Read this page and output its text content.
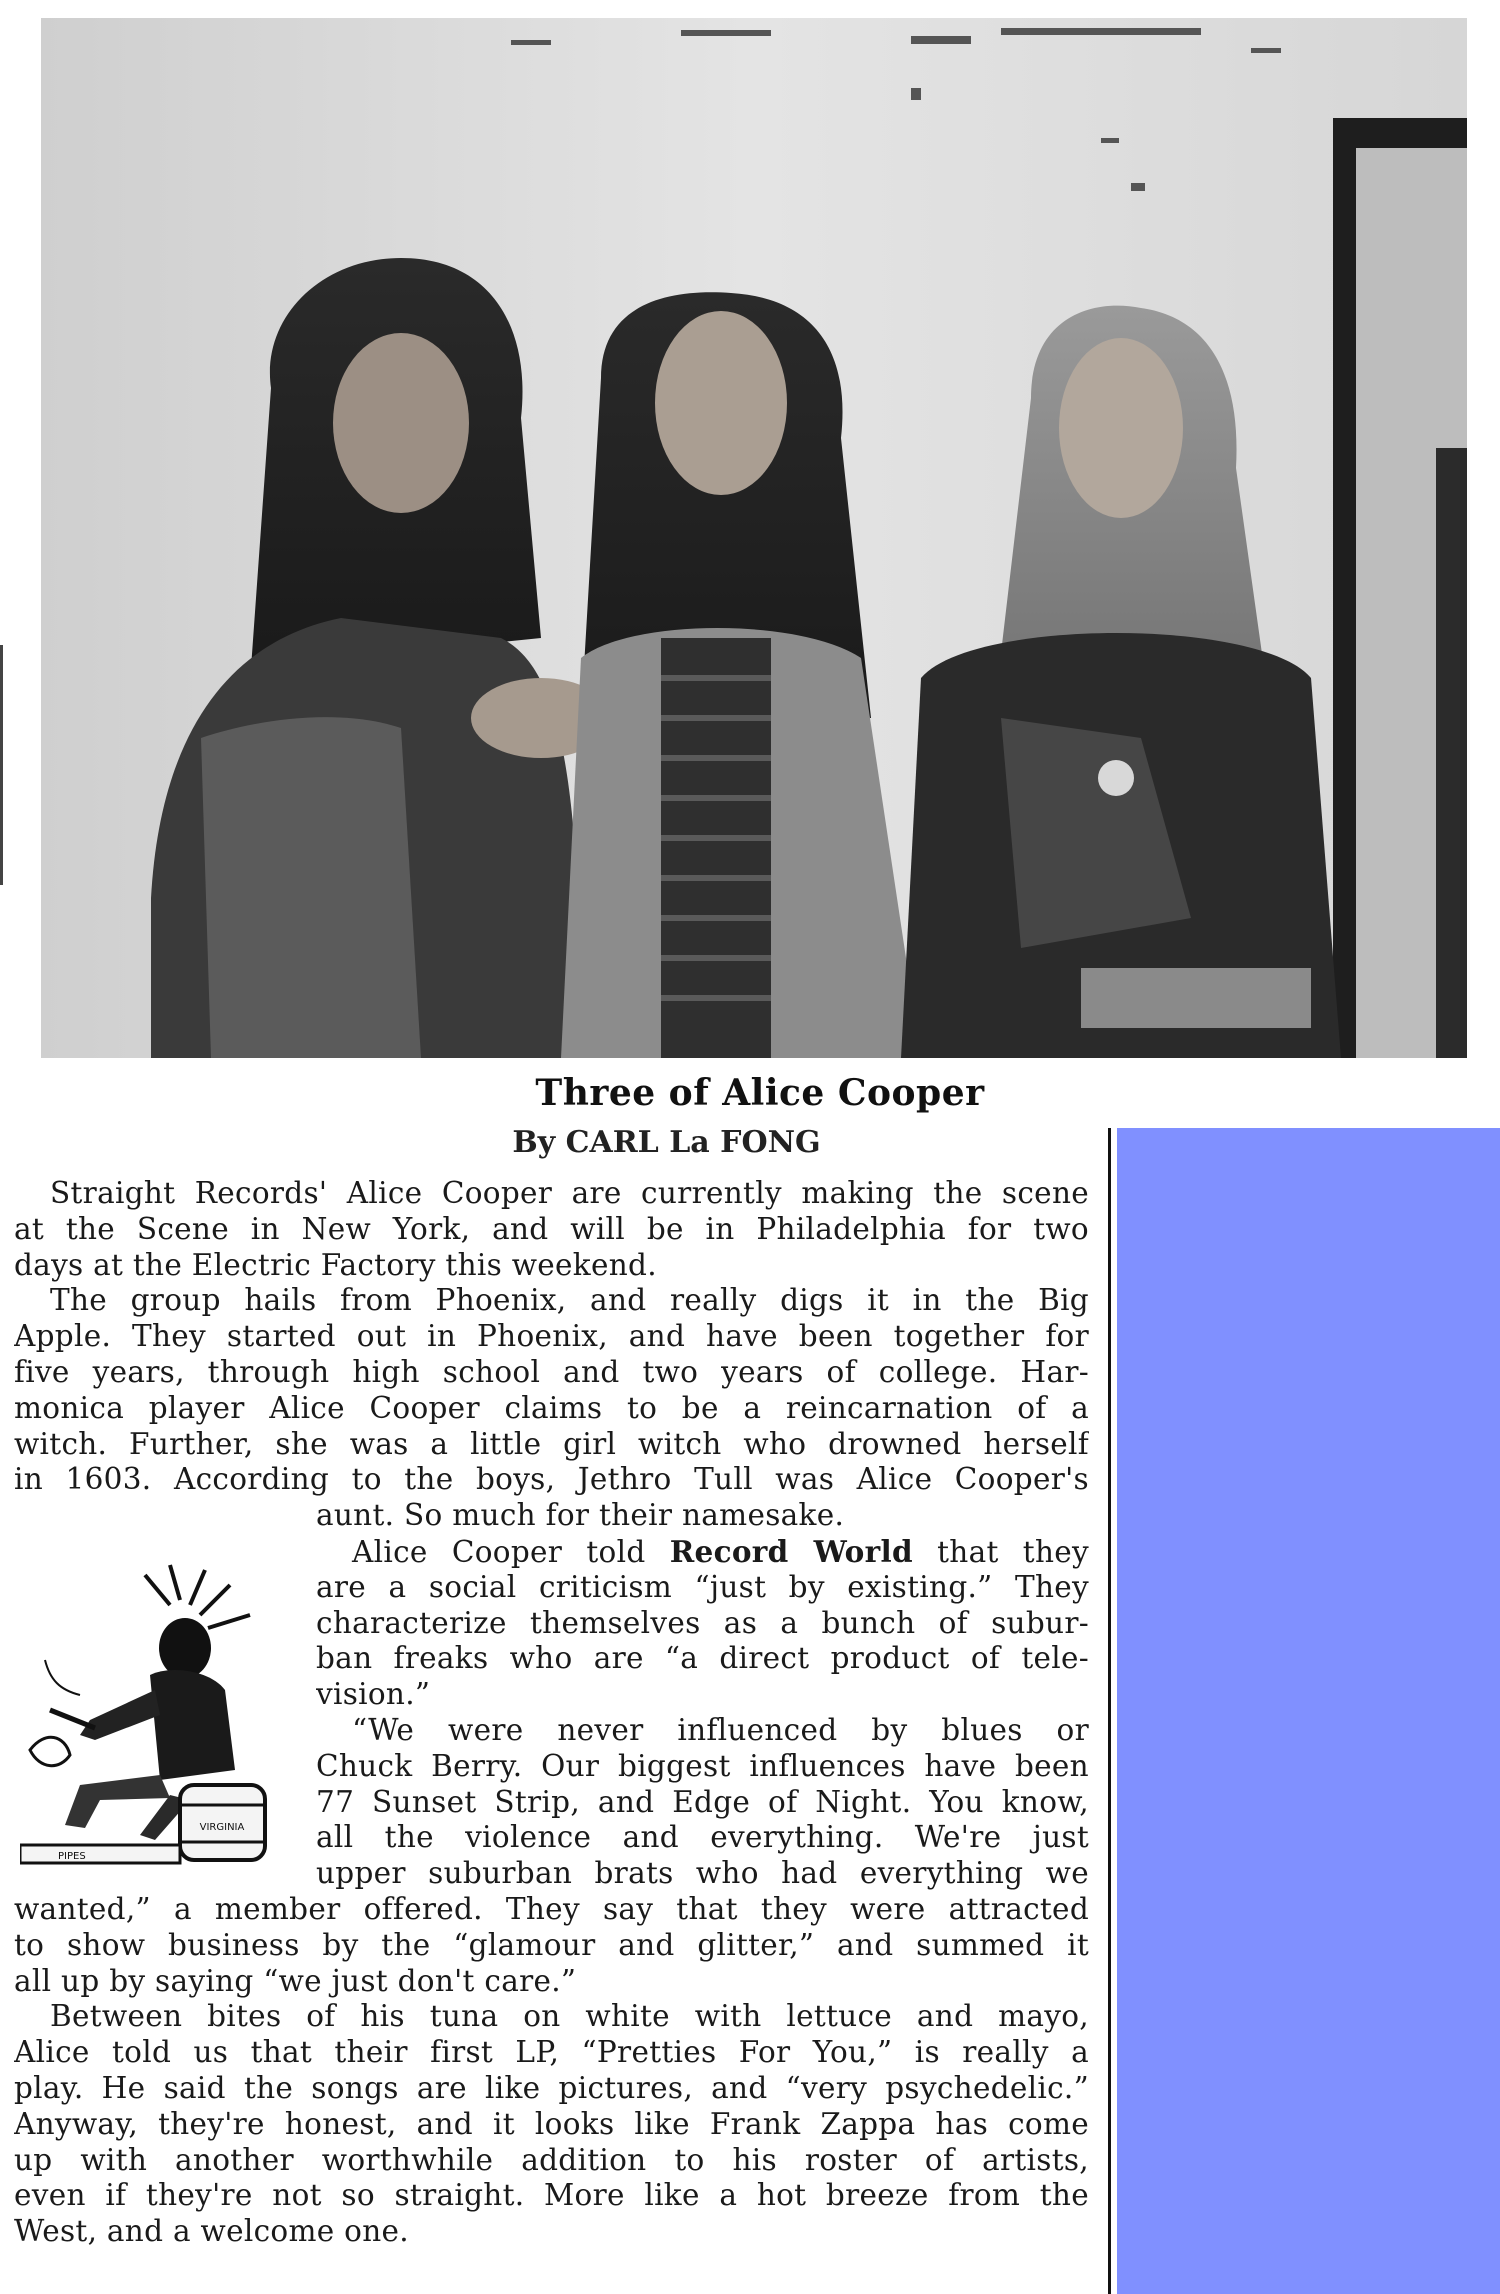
Three of Alice Cooper
By CARL La FONG
Straight Records' Alice Cooper are currently making the scene
at the Scene in New York, and will be in Philadelphia for two
days at the Electric Factory this weekend.
The group hails from Phoenix, and really digs it in the Big
Apple. They started out in Phoenix, and have been together for
five years, through high school and two years of college. Har-
monica player Alice Cooper claims to be a reincarnation of a
witch. Further, she was a little girl witch who drowned herself
in 1603. According to the boys, Jethro Tull was Alice Cooper's
aunt. So much for their namesake.
Alice Cooper told Record World that they
are a social criticism “just by existing.” They
characterize themselves as a bunch of subur-
ban freaks who are “a direct product of tele-
vision.”
“We were never influenced by blues or
Chuck Berry. Our biggest influences have been
77 Sunset Strip, and Edge of Night. You know,
all the violence and everything. We're just
upper suburban brats who had everything we
wanted,” a member offered. They say that they were attracted
to show business by the “glamour and glitter,” and summed it
all up by saying “we just don't care.”
Between bites of his tuna on white with lettuce and mayo,
Alice told us that their first LP, “Pretties For You,” is really a
play. He said the songs are like pictures, and “very psychedelic.”
Anyway, they're honest, and it looks like Frank Zappa has come
up with another worthwhile addition to his roster of artists,
even if they're not so straight. More like a hot breeze from the
West, and a welcome one.
VIRGINIA
PIPES
